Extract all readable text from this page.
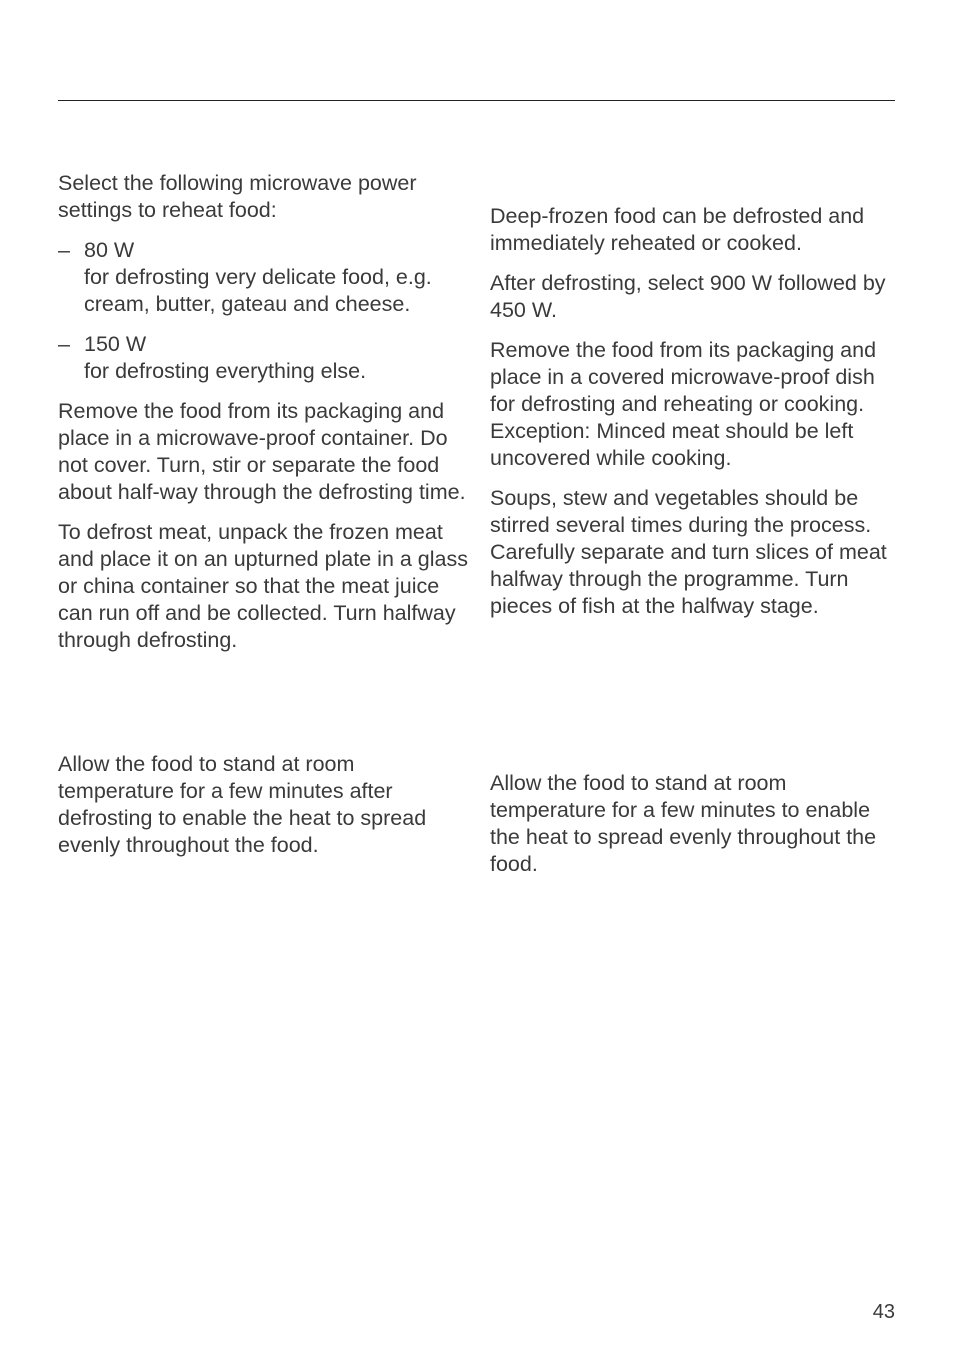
Select the following microwave power settings to reheat food:

– 80 W
for defrosting very delicate food, e.g. cream, butter, gateau and cheese.
– 150 W
for defrosting everything else.

Remove the food from its packaging and place in a microwave-proof container. Do not cover. Turn, stir or separate the food about half-way through the defrosting time.

To defrost meat, unpack the frozen meat and place it on an upturned plate in a glass or china container so that the meat juice can run off and be collected. Turn halfway through defrosting.

Allow the food to stand at room temperature for a few minutes after defrosting to enable the heat to spread evenly throughout the food.

Deep-frozen food can be defrosted and immediately reheated or cooked.

After defrosting, select 900 W followed by 450 W.

Remove the food from its packaging and place in a covered microwave-proof dish for defrosting and reheating or cooking. Exception: Minced meat should be left uncovered while cooking.

Soups, stew and vegetables should be stirred several times during the process. Carefully separate and turn slices of meat halfway through the programme. Turn pieces of fish at the halfway stage.

Allow the food to stand at room temperature for a few minutes to enable the heat to spread evenly throughout the food.

43
